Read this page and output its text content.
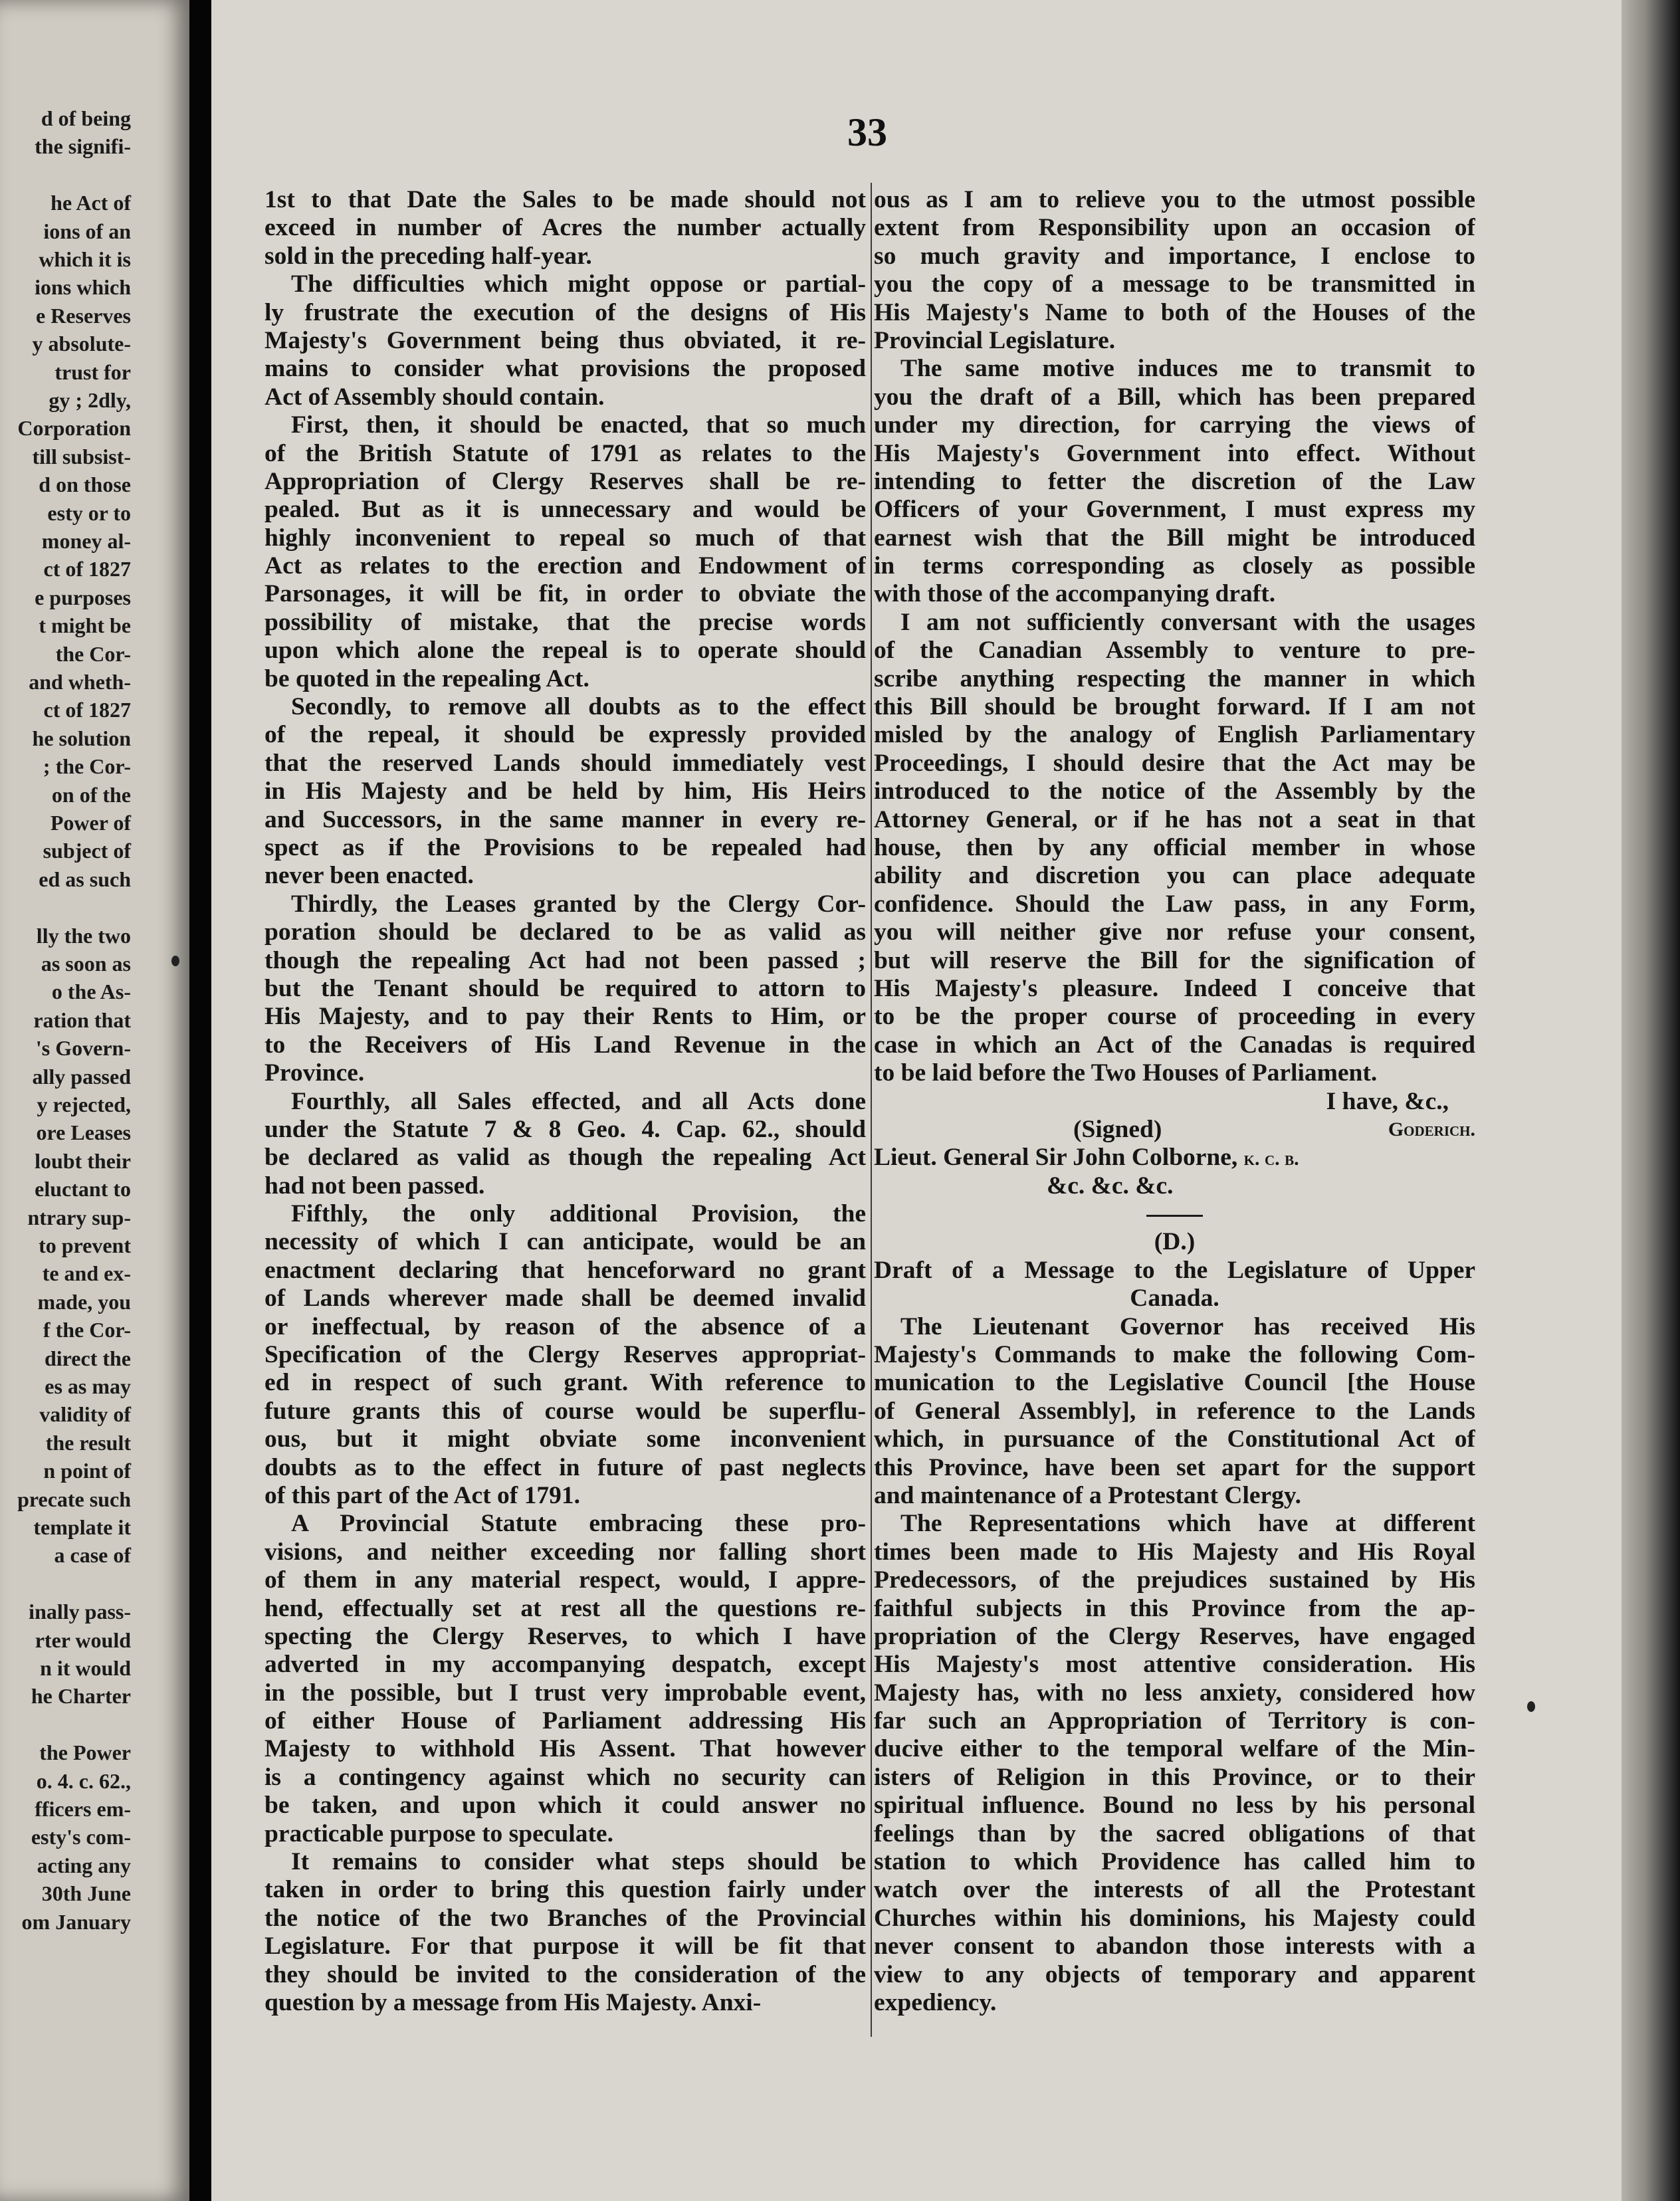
d of being
the signifi-
he Act of
ions of an
which it is
ions which
e Reserves
y absolute-
trust for
gy ; 2dly,
Corporation
till subsist-
d on those
esty or to
money al-
ct of 1827
e purposes
t might be
the Cor-
and wheth-
ct of 1827
he solution
; the Cor-
on of the
Power of
subject of
ed as such
lly the two
as soon as
o the As-
ration that
's Govern-
ally passed
y rejected,
ore Leases
loubt their
eluctant to
ntrary sup-
to prevent
te and ex-
made, you
f the Cor-
direct the
es as may
validity of
the result
n point of
precate such
template it
a case of
inally pass-
rter would
n it would
he Charter
the Power
o. 4. c. 62.,
fficers em-
esty's com-
acting any
30th June
om January
33
1st to that Date the Sales to be made should not
exceed in number of Acres the number actually
sold in the preceding half-year.
The difficulties which might oppose or partial-
ly frustrate the execution of the designs of His
Majesty's Government being thus obviated, it re-
mains to consider what provisions the proposed
Act of Assembly should contain.
First, then, it should be enacted, that so much
of the British Statute of 1791 as relates to the
Appropriation of Clergy Reserves shall be re-
pealed. But as it is unnecessary and would be
highly inconvenient to repeal so much of that
Act as relates to the erection and Endowment of
Parsonages, it will be fit, in order to obviate the
possibility of mistake, that the precise words
upon which alone the repeal is to operate should
be quoted in the repealing Act.
Secondly, to remove all doubts as to the effect
of the repeal, it should be expressly provided
that the reserved Lands should immediately vest
in His Majesty and be held by him, His Heirs
and Successors, in the same manner in every re-
spect as if the Provisions to be repealed had
never been enacted.
Thirdly, the Leases granted by the Clergy Cor-
poration should be declared to be as valid as
though the repealing Act had not been passed ;
but the Tenant should be required to attorn to
His Majesty, and to pay their Rents to Him, or
to the Receivers of His Land Revenue in the
Province.
Fourthly, all Sales effected, and all Acts done
under the Statute 7 & 8 Geo. 4. Cap. 62., should
be declared as valid as though the repealing Act
had not been passed.
Fifthly, the only additional Provision, the
necessity of which I can anticipate, would be an
enactment declaring that henceforward no grant
of Lands wherever made shall be deemed invalid
or ineffectual, by reason of the absence of a
Specification of the Clergy Reserves appropriat-
ed in respect of such grant. With reference to
future grants this of course would be superflu-
ous, but it might obviate some inconvenient
doubts as to the effect in future of past neglects
of this part of the Act of 1791.
A Provincial Statute embracing these pro-
visions, and neither exceeding nor falling short
of them in any material respect, would, I appre-
hend, effectually set at rest all the questions re-
specting the Clergy Reserves, to which I have
adverted in my accompanying despatch, except
in the possible, but I trust very improbable event,
of either House of Parliament addressing His
Majesty to withhold His Assent. That however
is a contingency against which no security can
be taken, and upon which it could answer no
practicable purpose to speculate.
It remains to consider what steps should be
taken in order to bring this question fairly under
the notice of the two Branches of the Provincial
Legislature. For that purpose it will be fit that
they should be invited to the consideration of the
question by a message from His Majesty. Anxi-
ous as I am to relieve you to the utmost possible
extent from Responsibility upon an occasion of
so much gravity and importance, I enclose to
you the copy of a message to be transmitted in
His Majesty's Name to both of the Houses of the
Provincial Legislature.
The same motive induces me to transmit to
you the draft of a Bill, which has been prepared
under my direction, for carrying the views of
His Majesty's Government into effect. Without
intending to fetter the discretion of the Law
Officers of your Government, I must express my
earnest wish that the Bill might be introduced
in terms corresponding as closely as possible
with those of the accompanying draft.
I am not sufficiently conversant with the usages
of the Canadian Assembly to venture to pre-
scribe anything respecting the manner in which
this Bill should be brought forward. If I am not
misled by the analogy of English Parliamentary
Proceedings, I should desire that the Act may be
introduced to the notice of the Assembly by the
Attorney General, or if he has not a seat in that
house, then by any official member in whose
ability and discretion you can place adequate
confidence. Should the Law pass, in any Form,
you will neither give nor refuse your consent,
but will reserve the Bill for the signification of
His Majesty's pleasure. Indeed I conceive that
to be the proper course of proceeding in every
case in which an Act of the Canadas is required
to be laid before the Two Houses of Parliament.
I have, &c.,
(Signed)	Goderich.
Lieut. General Sir John Colborne, k. c. b.
&c. &c. &c.
(D.)
Draft of a Message to the Legislature of Upper
Canada.
The Lieutenant Governor has received His
Majesty's Commands to make the following Com-
munication to the Legislative Council [the House
of General Assembly], in reference to the Lands
which, in pursuance of the Constitutional Act of
this Province, have been set apart for the support
and maintenance of a Protestant Clergy.
The Representations which have at different
times been made to His Majesty and His Royal
Predecessors, of the prejudices sustained by His
faithful subjects in this Province from the ap-
propriation of the Clergy Reserves, have engaged
His Majesty's most attentive consideration. His
Majesty has, with no less anxiety, considered how
far such an Appropriation of Territory is con-
ducive either to the temporal welfare of the Min-
isters of Religion in this Province, or to their
spiritual influence. Bound no less by his personal
feelings than by the sacred obligations of that
station to which Providence has called him to
watch over the interests of all the Protestant
Churches within his dominions, his Majesty could
never consent to abandon those interests with a
view to any objects of temporary and apparent
expediency.
